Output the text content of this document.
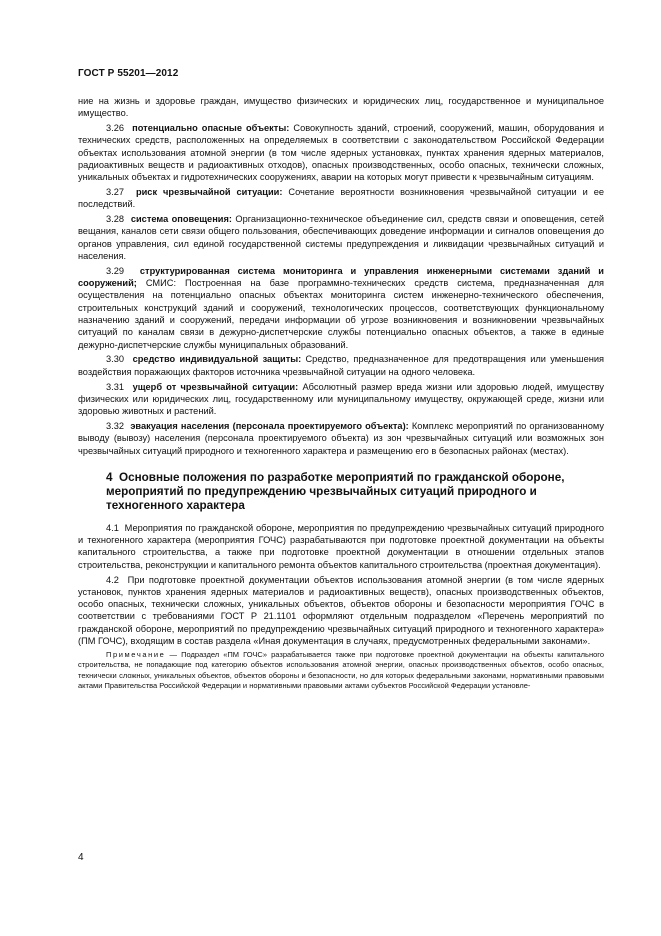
ГОСТ Р 55201—2012

ние на жизнь и здоровье граждан, имущество физических и юридических лиц, государственное и муниципальное имущество.

3.26 потенциально опасные объекты: Совокупность зданий, строений, сооружений, машин, оборудования и технических средств, расположенных на определяемых в соответствии с законодательством Российской Федерации объектах использования атомной энергии (в том числе ядерных установках, пунктах хранения ядерных материалов, радиоактивных веществ и радиоактивных отходов), опасных производственных, особо опасных, технически сложных, уникальных объектах и гидротехнических сооружениях, аварии на которых могут привести к чрезвычайным ситуациям.

3.27 риск чрезвычайной ситуации: Сочетание вероятности возникновения чрезвычайной ситуации и ее последствий.

3.28 система оповещения: Организационно-техническое объединение сил, средств связи и оповещения, сетей вещания, каналов сети связи общего пользования, обеспечивающих доведение информации и сигналов оповещения до органов управления, сил единой государственной системы предупреждения и ликвидации чрезвычайных ситуаций и населения.

3.29 структурированная система мониторинга и управления инженерными системами зданий и сооружений; СМИС: Построенная на базе программно-технических средств система, предназначенная для осуществления на потенциально опасных объектах мониторинга систем инженерно-технического обеспечения, строительных конструкций зданий и сооружений, технологических процессов, соответствующих функциональному назначению зданий и сооружений, передачи информации об угрозе возникновения и возникновении чрезвычайных ситуаций по каналам связи в дежурно-диспетчерские службы потенциально опасных объектов, а также в единые дежурно-диспетчерские службы муниципальных образований.

3.30 средство индивидуальной защиты: Средство, предназначенное для предотвращения или уменьшения воздействия поражающих факторов источника чрезвычайной ситуации на одного человека.

3.31 ущерб от чрезвычайной ситуации: Абсолютный размер вреда жизни или здоровью людей, имуществу физических или юридических лиц, государственному или муниципальному имуществу, окружающей среде, жизни или здоровью животных и растений.

3.32 эвакуация населения (персонала проектируемого объекта): Комплекс мероприятий по организованному выводу (вывозу) населения (персонала проектируемого объекта) из зон чрезвычайных ситуаций или возможных зон чрезвычайных ситуаций природного и техногенного характера и размещению его в безопасных районах (местах).

4 Основные положения по разработке мероприятий по гражданской обороне, мероприятий по предупреждению чрезвычайных ситуаций природного и техногенного характера

4.1 Мероприятия по гражданской обороне, мероприятия по предупреждению чрезвычайных ситуаций природного и техногенного характера (мероприятия ГОЧС) разрабатываются при подготовке проектной документации на объекты капитального строительства, а также при подготовке проектной документации в отношении отдельных этапов строительства, реконструкции и капитального ремонта объектов капитального строительства (проектная документация).

4.2 При подготовке проектной документации объектов использования атомной энергии (в том числе ядерных установок, пунктов хранения ядерных материалов и радиоактивных веществ), опасных производственных объектов, особо опасных, технически сложных, уникальных объектов, объектов обороны и безопасности мероприятия ГОЧС в соответствии с требованиями ГОСТ Р 21.1101 оформляют отдельным подразделом «Перечень мероприятий по гражданской обороне, мероприятий по предупреждению чрезвычайных ситуаций природного и техногенного характера» (ПМ ГОЧС), входящим в состав раздела «Иная документация в случаях, предусмотренных федеральными законами».

Примечание — Подраздел «ПМ ГОЧС» разрабатывается также при подготовке проектной документации на объекты капитального строительства, не попадающие под категорию объектов использования атомной энергии, опасных производственных объектов, особо опасных, технически сложных, уникальных объектов, объектов обороны и безопасности, но для которых федеральными законами, нормативными правовыми актами Правительства Российской Федерации и нормативными правовыми актами субъектов Российской Федерации установле-

4
